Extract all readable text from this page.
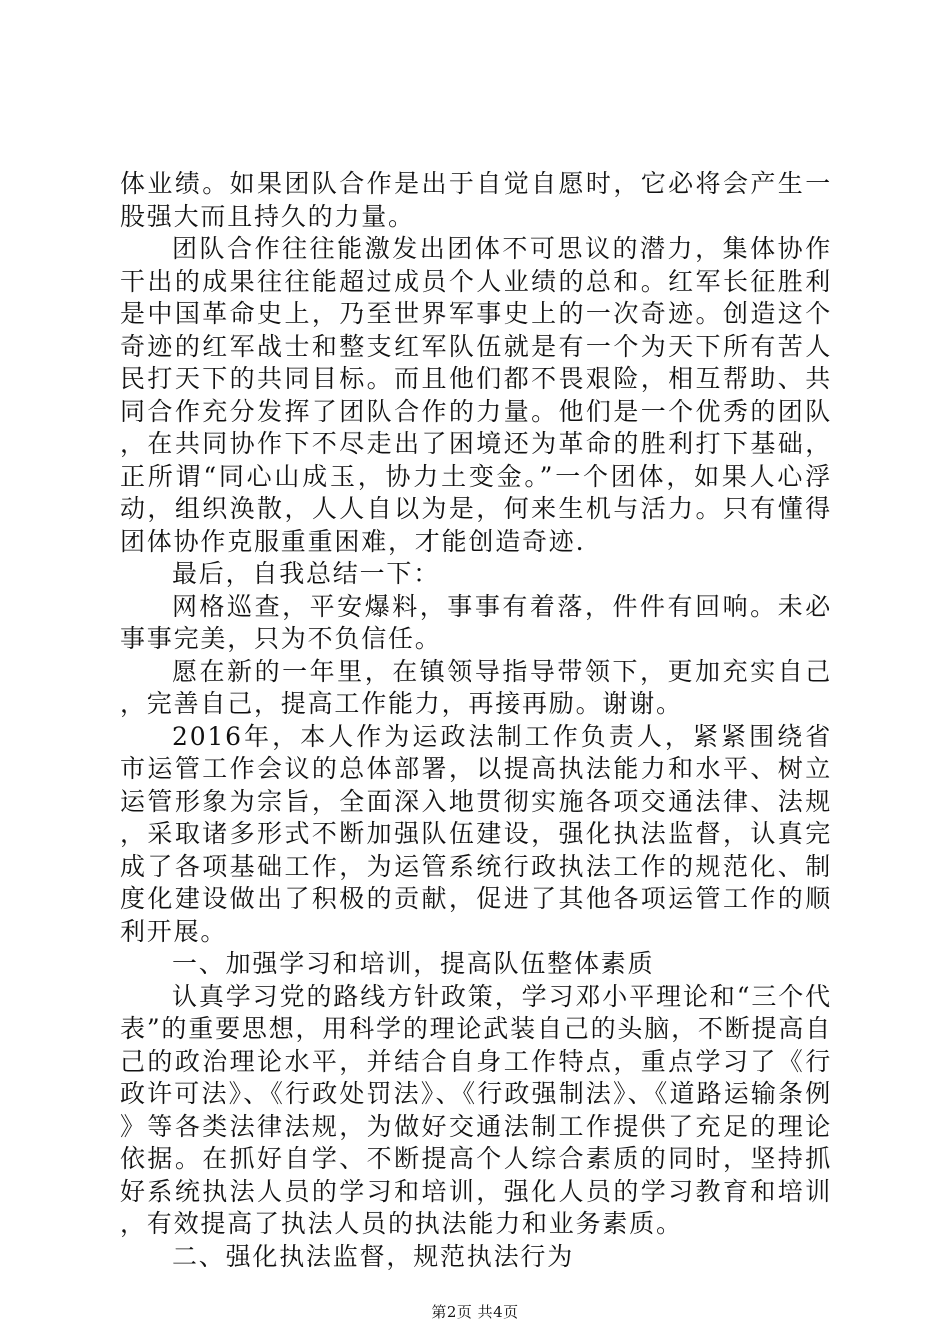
体业绩。如果团队合作是出于自觉自愿时，它必将会产生一股强大而且持久的力量。

团队合作往往能激发出团体不可思议的潜力，集体协作干出的成果往往能超过成员个人业绩的总和。红军长征胜利是中国革命史上，乃至世界军事史上的一次奇迹。创造这个奇迹的红军战士和整支红军队伍就是有一个为天下所有苦人民打天下的共同目标。而且他们都不畏艰险，相互帮助、共同合作充分发挥了团队合作的力量。他们是一个优秀的团队，在共同协作下不尽走出了困境还为革命的胜利打下基础，正所谓“同心山成玉，协力土变金。”一个团体，如果人心浮动，组织涣散，人人自以为是，何来生机与活力。只有懂得团体协作克服重重困难，才能创造奇迹.

最后，自我总结一下：

网格巡查，平安爆料，事事有着落，件件有回响。未必事事完美，只为不负信任。

愿在新的一年里，在镇领导指导带领下，更加充实自己，完善自己，提高工作能力，再接再励。谢谢。

2016年，本人作为运政法制工作负责人，紧紧围绕省市运管工作会议的总体部署，以提高执法能力和水平、树立运管形象为宗旨，全面深入地贯彻实施各项交通法律、法规，采取诸多形式不断加强队伍建设，强化执法监督，认真完成了各项基础工作，为运管系统行政执法工作的规范化、制度化建设做出了积极的贡献，促进了其他各项运管工作的顺利开展。

一、加强学习和培训，提高队伍整体素质

认真学习党的路线方针政策，学习邓小平理论和“三个代表”的重要思想，用科学的理论武装自己的头脑，不断提高自己的政治理论水平，并结合自身工作特点，重点学习了《行政许可法》、《行政处罚法》、《行政强制法》、《道路运输条例》等各类法律法规，为做好交通法制工作提供了充足的理论依据。在抓好自学、不断提高个人综合素质的同时，坚持抓好系统执法人员的学习和培训，强化人员的学习教育和培训，有效提高了执法人员的执法能力和业务素质。

二、强化执法监督，规范执法行为

第2页 共4页
